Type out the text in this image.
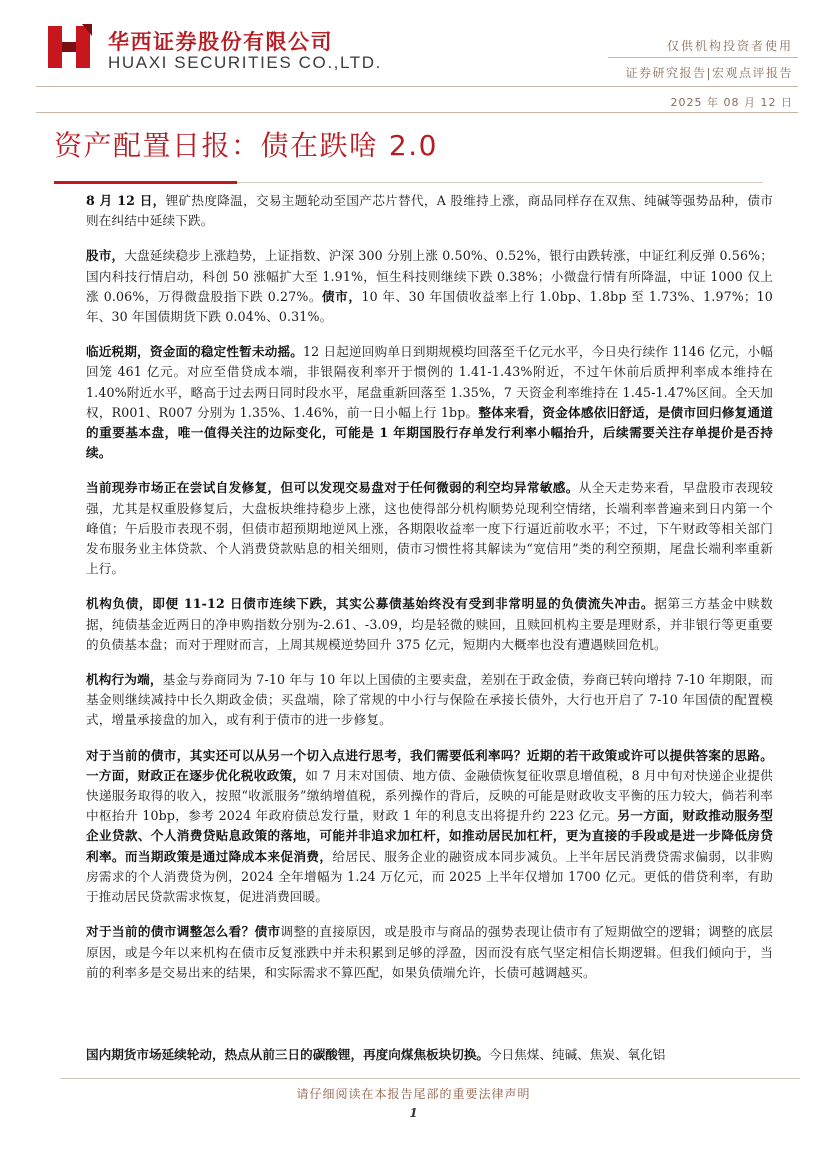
华西证券股份有限公司
HUAXI SECURITIES CO.,LTD.
仅供机构投资者使用
证券研究报告|宏观点评报告
2025 年 08 月 12 日
资产配置日报：债在跌啥 2.0

8 月 12 日，锂矿热度降温，交易主题轮动至国产芯片替代，A 股维持上涨，商品同样存在双焦、纯碱等强势品种，债市则在纠结中延续下跌。

股市，大盘延续稳步上涨趋势，上证指数、沪深 300 分别上涨 0.50%、0.52%，银行由跌转涨，中证红利反弹 0.56%；国内科技行情启动，科创 50 涨幅扩大至 1.91%，恒生科技则继续下跌 0.38%；小微盘行情有所降温，中证 1000 仅上涨 0.06%，万得微盘股指下跌 0.27%。债市，10 年、30 年国债收益率上行 1.0bp、1.8bp 至 1.73%、1.97%；10 年、30 年国债期货下跌 0.04%、0.31%。

临近税期，资金面的稳定性暂未动摇。12 日起逆回购单日到期规模均回落至千亿元水平，今日央行续作 1146 亿元，小幅回笼 461 亿元。对应至借贷成本端，非银隔夜利率开于惯例的 1.41-1.43%附近，不过午休前后质押利率成本维持在 1.40%附近水平，略高于过去两日同时段水平，尾盘重新回落至 1.35%，7 天资金利率维持在 1.45-1.47%区间。全天加权，R001、R007 分别为 1.35%、1.46%，前一日小幅上行 1bp。整体来看，资金体感依旧舒适，是债市回归修复通道的重要基本盘，唯一值得关注的边际变化，可能是 1 年期国股行存单发行利率小幅抬升，后续需要关注存单提价是否持续。

当前现券市场正在尝试自发修复，但可以发现交易盘对于任何微弱的利空均异常敏感。从全天走势来看，早盘股市表现较强，尤其是权重股修复后，大盘板块维持稳步上涨，这也使得部分机构顺势兑现利空情绪，长端利率普遍来到日内第一个峰值；午后股市表现不弱，但债市超预期地逆风上涨，各期限收益率一度下行逼近前收水平；不过，下午财政等相关部门发布服务业主体贷款、个人消费贷款贴息的相关细则，债市习惯性将其解读为“宽信用”类的利空预期，尾盘长端利率重新上行。

机构负债，即便 11-12 日债市连续下跌，其实公募债基始终没有受到非常明显的负债流失冲击。据第三方基金中赎数据，纯债基金近两日的净申购指数分别为-2.61、-3.09，均是轻微的赎回，且赎回机构主要是理财系，并非银行等更重要的负债基本盘；而对于理财而言，上周其规模逆势回升 375 亿元，短期内大概率也没有遭遇赎回危机。

机构行为端，基金与券商同为 7-10 年与 10 年以上国债的主要卖盘，差别在于政金债，券商已转向增持 7-10 年期限，而基金则继续减持中长久期政金债；买盘端，除了常规的中小行与保险在承接长债外，大行也开启了 7-10 年国债的配置模式，增量承接盘的加入，或有利于债市的进一步修复。

对于当前的债市，其实还可以从另一个切入点进行思考，我们需要低利率吗？近期的若干政策或许可以提供答案的思路。一方面，财政正在逐步优化税收政策，如 7 月末对国债、地方债、金融债恢复征收票息增值税，8 月中旬对快递企业提供快递服务取得的收入，按照“收派服务”缴纳增值税，系列操作的背后，反映的可能是财政收支平衡的压力较大，倘若利率中枢抬升 10bp，参考 2024 年政府债总发行量，财政 1 年的利息支出将提升约 223 亿元。另一方面，财政推动服务型企业贷款、个人消费贷贴息政策的落地，可能并非追求加杠杆，如推动居民加杠杆，更为直接的手段或是进一步降低房贷利率。而当期政策是通过降成本来促消费，给居民、服务企业的融资成本同步减负。上半年居民消费贷需求偏弱，以非购房需求的个人消费贷为例，2024 全年增幅为 1.24 万亿元，而 2025 上半年仅增加 1700 亿元。更低的借贷利率，有助于推动居民贷款需求恢复，促进消费回暖。

对于当前的债市调整怎么看？债市调整的直接原因，或是股市与商品的强势表现让债市有了短期做空的逻辑；调整的底层原因，或是今年以来机构在债市反复涨跌中并未积累到足够的浮盈，因而没有底气坚定相信长期逻辑。但我们倾向于，当前的利率多是交易出来的结果，和实际需求不算匹配，如果负债端允许，长债可越调越买。

国内期货市场延续轮动，热点从前三日的碳酸锂，再度向煤焦板块切换。今日焦煤、纯碱、焦炭、氧化铝
请仔细阅读在本报告尾部的重要法律声明
1
